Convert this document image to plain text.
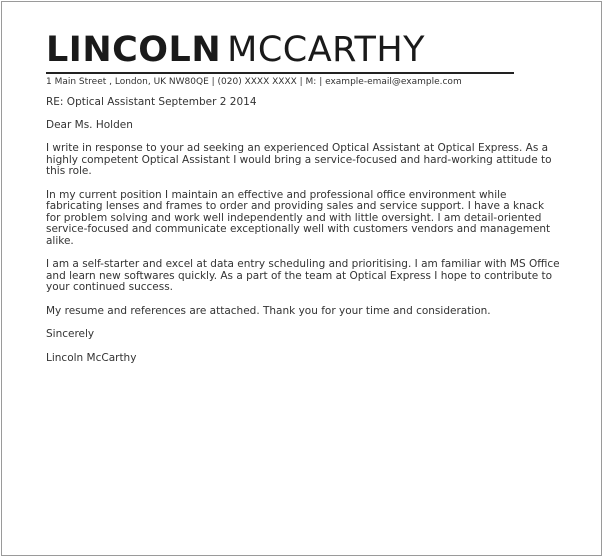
LINCOLN MCCARTHY
1 Main Street , London, UK NW80QE | (020) XXXX XXXX | M: | example-email@example.com

RE: Optical Assistant September 2 2014

Dear Ms. Holden

I write in response to your ad seeking an experienced Optical Assistant at Optical Express. As a highly competent Optical Assistant I would bring a service-focused and hard-working attitude to this role.

In my current position I maintain an effective and professional office environment while fabricating lenses and frames to order and providing sales and service support. I have a knack for problem solving and work well independently and with little oversight. I am detail-oriented service-focused and communicate exceptionally well with customers vendors and management alike.

I am a self-starter and excel at data entry scheduling and prioritising. I am familiar with MS Office and learn new softwares quickly. As a part of the team at Optical Express I hope to contribute to your continued success.

My resume and references are attached. Thank you for your time and consideration.

Sincerely

Lincoln McCarthy
